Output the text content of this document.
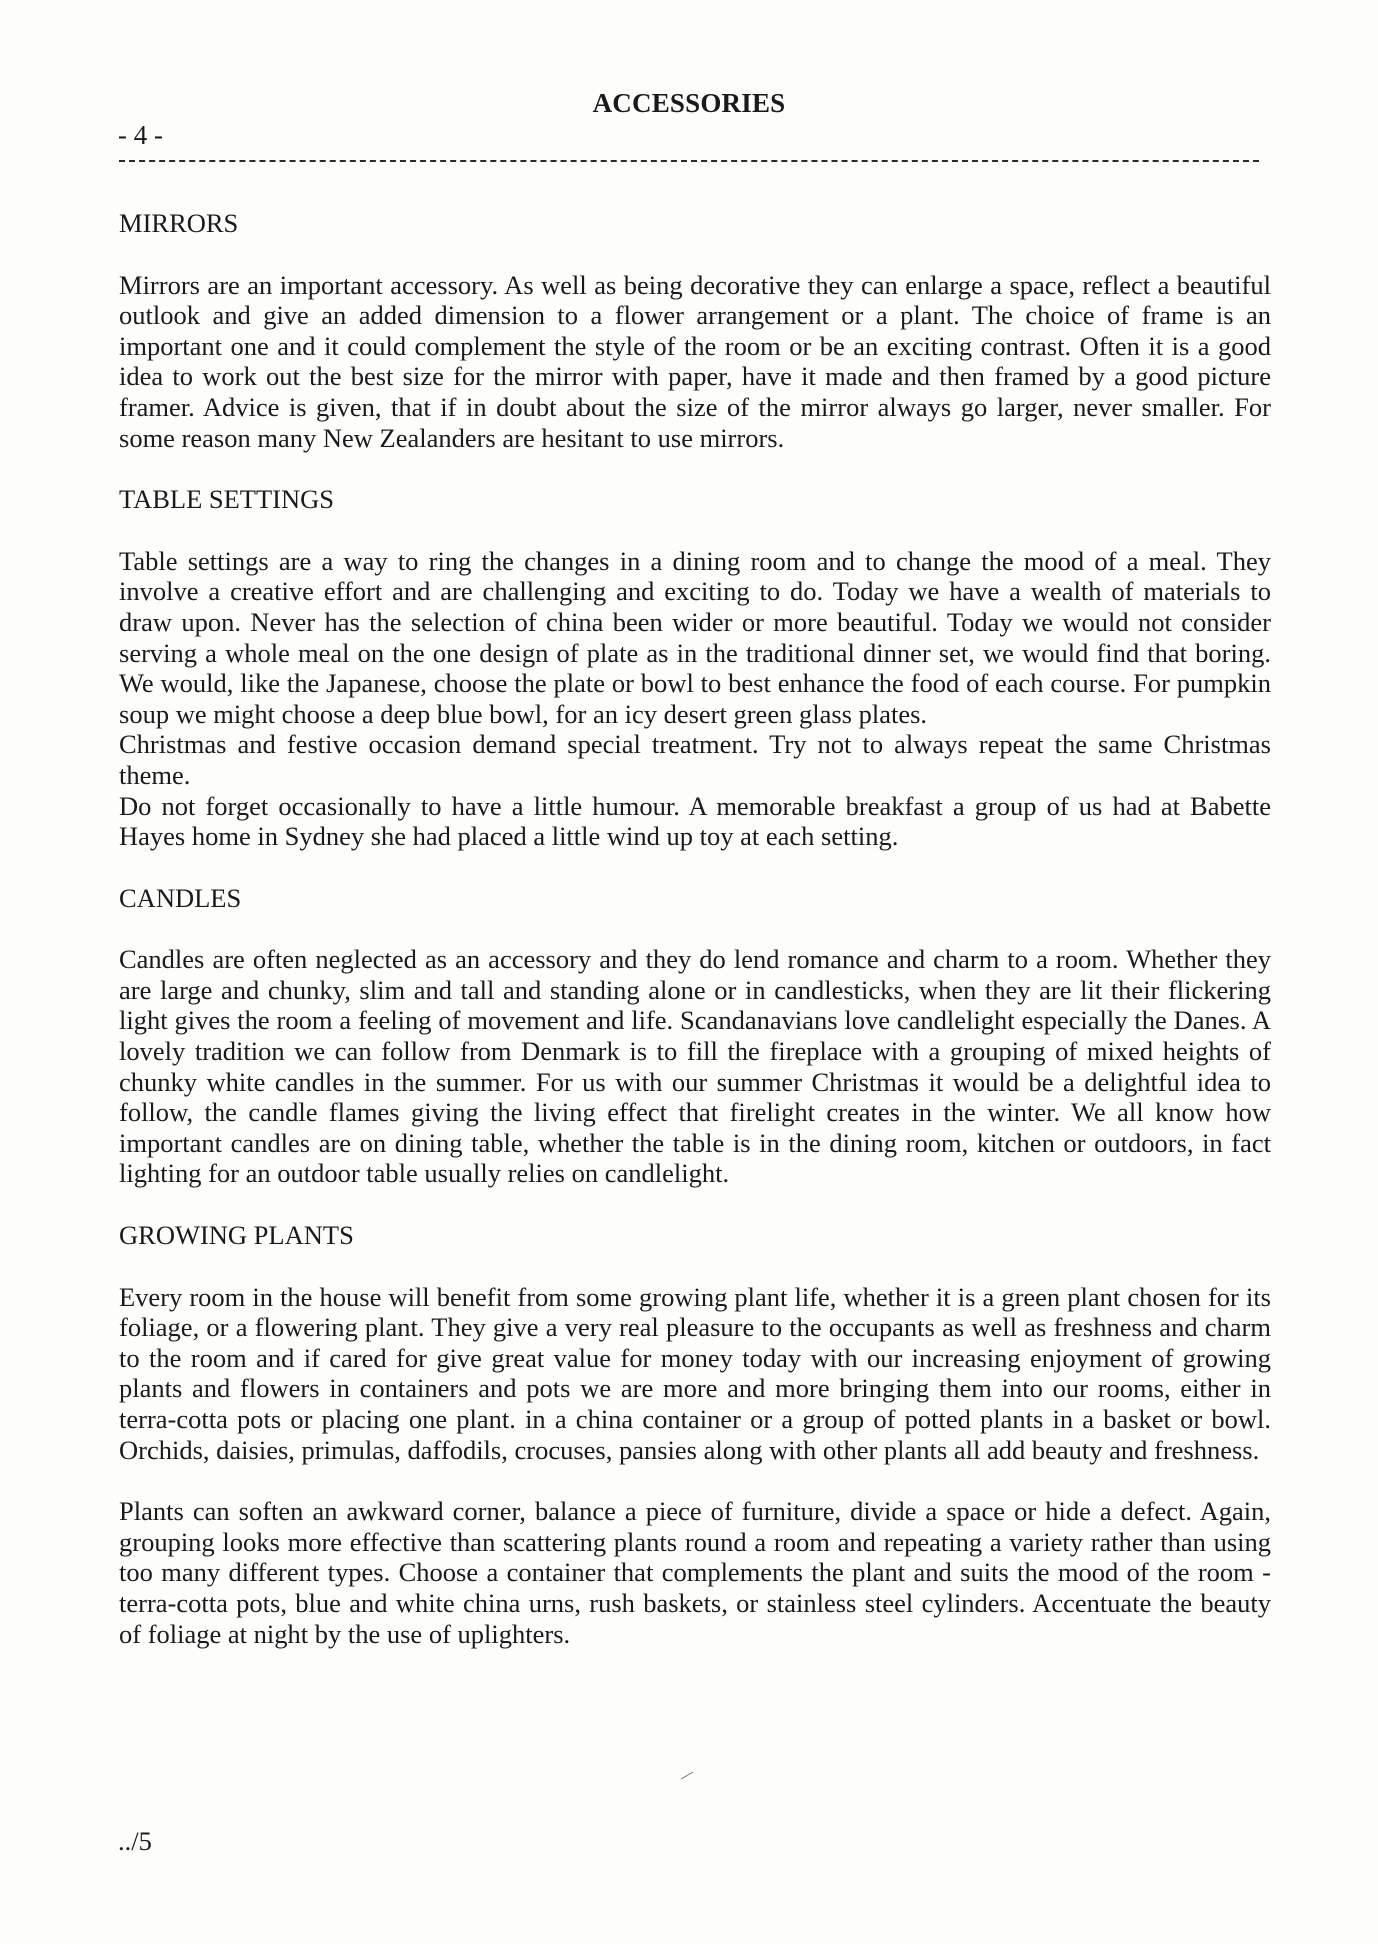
ACCESSORIES
- 4 -
MIRRORS

Mirrors are an important accessory. As well as being decorative they can enlarge a space, reflect a beautiful outlook and give an added dimension to a flower arrangement or a plant. The choice of frame is an important one and it could complement the style of the room or be an exciting contrast. Often it is a good idea to work out the best size for the mirror with paper, have it made and then framed by a good picture framer. Advice is given, that if in doubt about the size of the mirror always go larger, never smaller. For some reason many New Zealanders are hesitant to use mirrors.

TABLE SETTINGS

Table settings are a way to ring the changes in a dining room and to change the mood of a meal. They involve a creative effort and are challenging and exciting to do. Today we have a wealth of materials to draw upon. Never has the selection of china been wider or more beautiful. Today we would not consider serving a whole meal on the one design of plate as in the traditional dinner set, we would find that boring. We would, like the Japanese, choose the plate or bowl to best enhance the food of each course. For pumpkin soup we might choose a deep blue bowl, for an icy desert green glass plates.

Christmas and festive occasion demand special treatment. Try not to always repeat the same Christmas theme.

Do not forget occasionally to have a little humour. A memorable breakfast a group of us had at Babette Hayes home in Sydney she had placed a little wind up toy at each setting.

CANDLES

Candles are often neglected as an accessory and they do lend romance and charm to a room. Whether they are large and chunky, slim and tall and standing alone or in candlesticks, when they are lit their flickering light gives the room a feeling of movement and life. Scandanavians love candlelight especially the Danes. A lovely tradition we can follow from Denmark is to fill the fireplace with a grouping of mixed heights of chunky white candles in the summer. For us with our summer Christmas it would be a delightful idea to follow, the candle flames giving the living effect that firelight creates in the winter. We all know how important candles are on dining table, whether the table is in the dining room, kitchen or outdoors, in fact lighting for an outdoor table usually relies on candlelight.

GROWING PLANTS

Every room in the house will benefit from some growing plant life, whether it is a green plant chosen for its foliage, or a flowering plant. They give a very real pleasure to the occupants as well as freshness and charm to the room and if cared for give great value for money today with our increasing enjoyment of growing plants and flowers in containers and pots we are more and more bringing them into our rooms, either in terra-cotta pots or placing one plant. in a china container or a group of potted plants in a basket or bowl. Orchids, daisies, primulas, daffodils, crocuses, pansies along with other plants all add beauty and freshness.

Plants can soften an awkward corner, balance a piece of furniture, divide a space or hide a defect. Again, grouping looks more effective than scattering plants round a room and repeating a variety rather than using too many different types. Choose a container that complements the plant and suits the mood of the room - terra-cotta pots, blue and white china urns, rush baskets, or stainless steel cylinders. Accentuate the beauty of foliage at night by the use of uplighters.

../5
